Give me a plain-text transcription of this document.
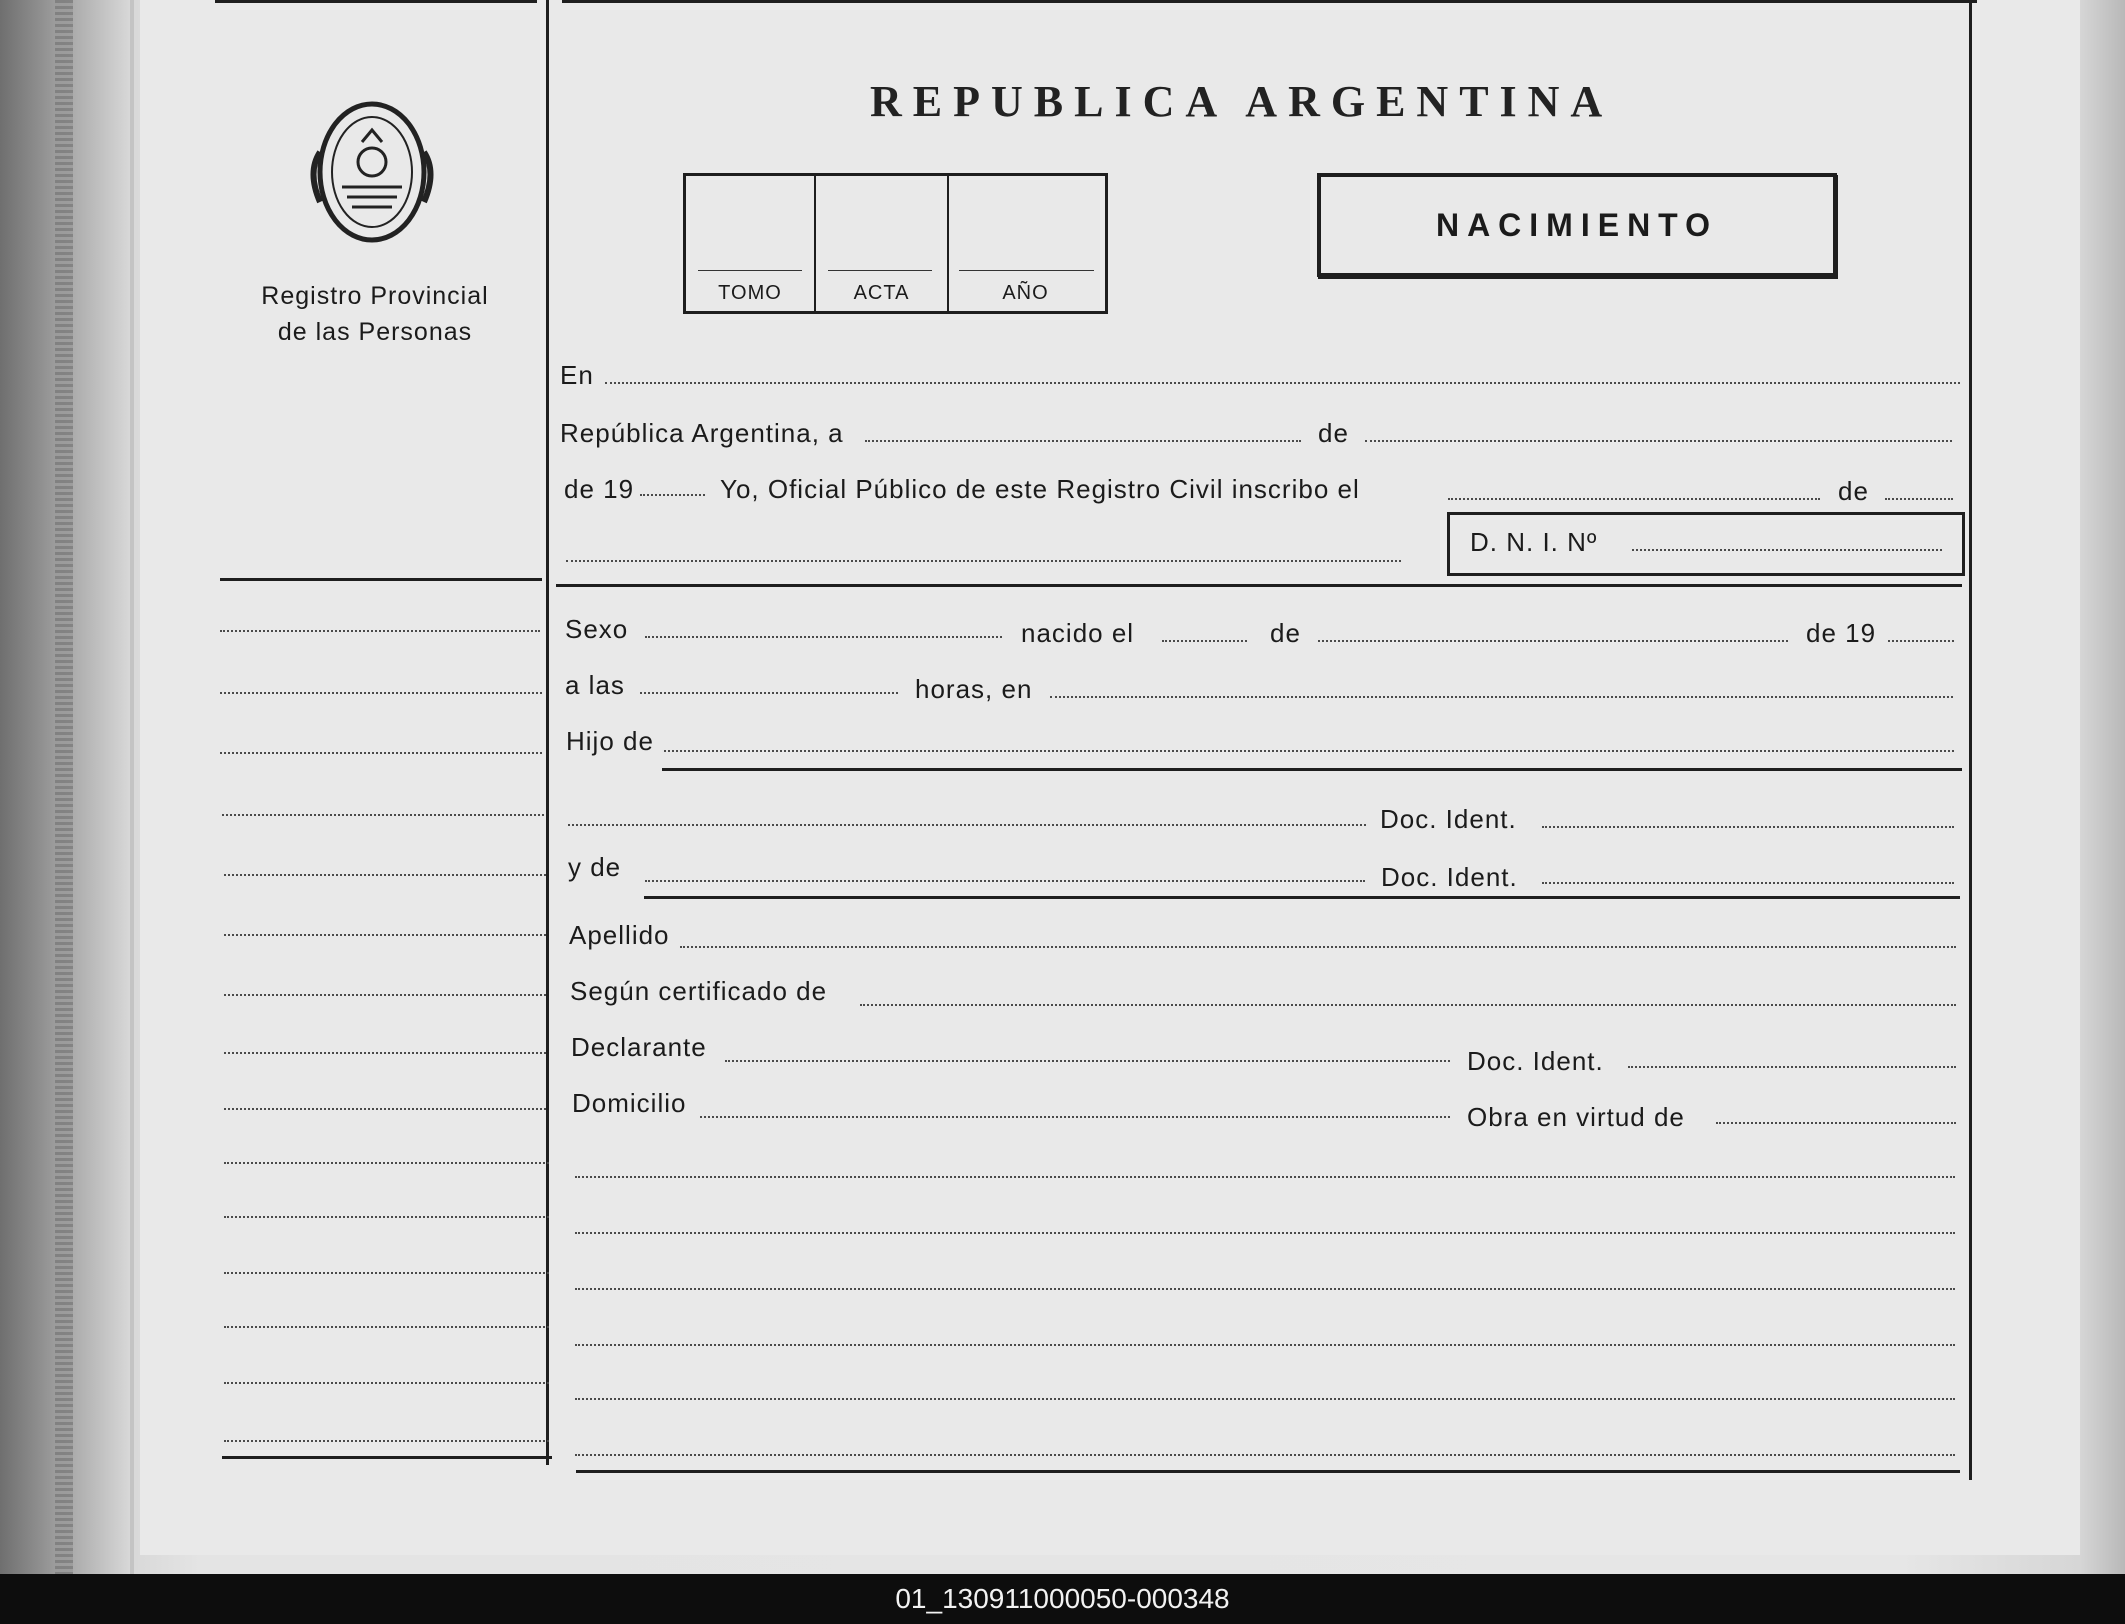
Registro Provincial
de las Personas
REPUBLICA ARGENTINA
TOMO	ACTA	AÑO
NACIMIENTO
En
República Argentina, a	de
de 19	Yo, Oficial Público de este Registro Civil inscribo el	de
D. N. I. Nº
Sexo	nacido el	de	de 19
a las	horas, en
Hijo de
Doc. Ident.
y de	Doc. Ident.
Apellido
Según certificado de
Declarante	Doc. Ident.
Domicilio	Obra en virtud de
01_130911000050-000348
